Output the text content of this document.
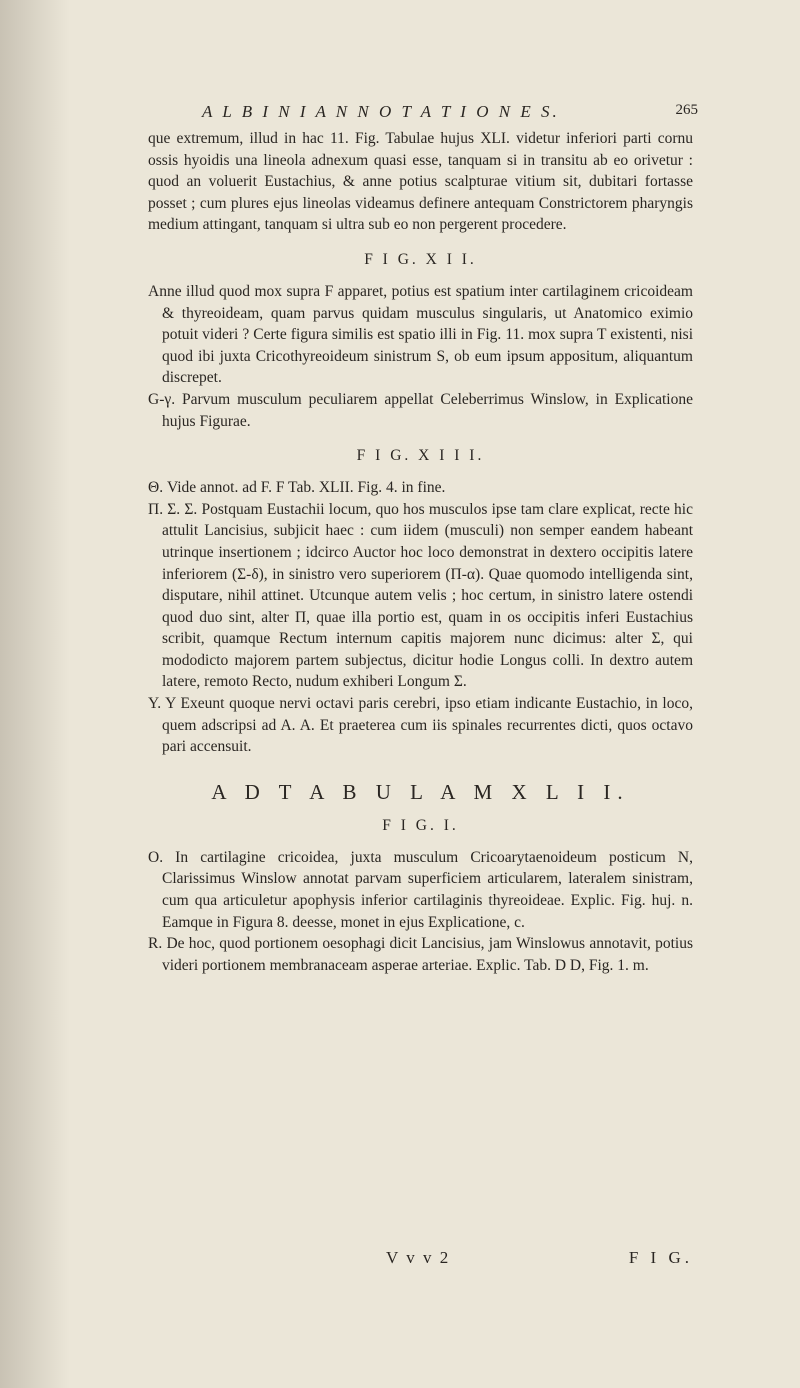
A L B I N I A N N O T A T I O N E S.	265

que extremum, illud in hac 11. Fig. Tabulae hujus XLI. videtur inferiori parti cornu ossis hyoidis una lineola adnexum quasi esse, tanquam si in transitu ab eo orivetur : quod an voluerit Eustachius, & anne potius scalpturae vitium sit, dubitari fortasse posset ; cum plures ejus lineolas videamus definere antequam Constrictorem pharyngis medium attingant, tanquam si ultra sub eo non pergerent procedere.

F I G. X I I.

Anne illud quod mox supra F apparet, potius est spatium inter cartilaginem cricoideam & thyreoideam, quam parvus quidam musculus singularis, ut Anatomico eximio potuit videri ? Certe figura similis est spatio illi in Fig. 11. mox supra T existenti, nisi quod ibi juxta Cricothyreoideum sinistrum S, ob eum ipsum appositum, aliquantum discrepet.

G-γ. Parvum musculum peculiarem appellat Celeberrimus Winslow, in Explicatione hujus Figurae.

F I G. X I I I.

Θ. Vide annot. ad F. F Tab. XLII. Fig. 4. in fine.

Π. Σ. Σ. Postquam Eustachii locum, quo hos musculos ipse tam clare explicat, recte hic attulit Lancisius, subjicit haec : cum iidem (musculi) non semper eandem habeant utrinque insertionem ; idcirco Auctor hoc loco demonstrat in dextero occipitis latere inferiorem (Σ-δ), in sinistro vero superiorem (Π-α). Quae quomodo intelligenda sint, disputare, nihil attinet. Utcunque autem velis ; hoc certum, in sinistro latere ostendi quod duo sint, alter Π, quae illa portio est, quam in os occipitis inferi Eustachius scribit, quamque Rectum internum capitis majorem nunc dicimus: alter Σ, qui mododicto majorem partem subjectus, dicitur hodie Longus colli. In dextro autem latere, remoto Recto, nudum exhiberi Longum Σ.

Y. Y Exeunt quoque nervi octavi paris cerebri, ipso etiam indicante Eustachio, in loco, quem adscripsi ad A. A. Et praeterea cum iis spinales recurrentes dicti, quos octavo pari accensuit.

A D T A B U L A M X L I I.
F I G. I.

O. In cartilagine cricoidea, juxta musculum Cricoarytaenoideum posticum N, Clarissimus Winslow annotat parvam superficiem articularem, lateralem sinistram, cum qua articuletur apophysis inferior cartilaginis thyreoideae. Explic. Fig. huj. n. Eamque in Figura 8. deesse, monet in ejus Explicatione, c.

R. De hoc, quod portionem oesophagi dicit Lancisius, jam Winslowus annotavit, potius videri portionem membranaceam asperae arteriae. Explic. Tab. D D, Fig. 1. m.

V v v 2	F I G.
